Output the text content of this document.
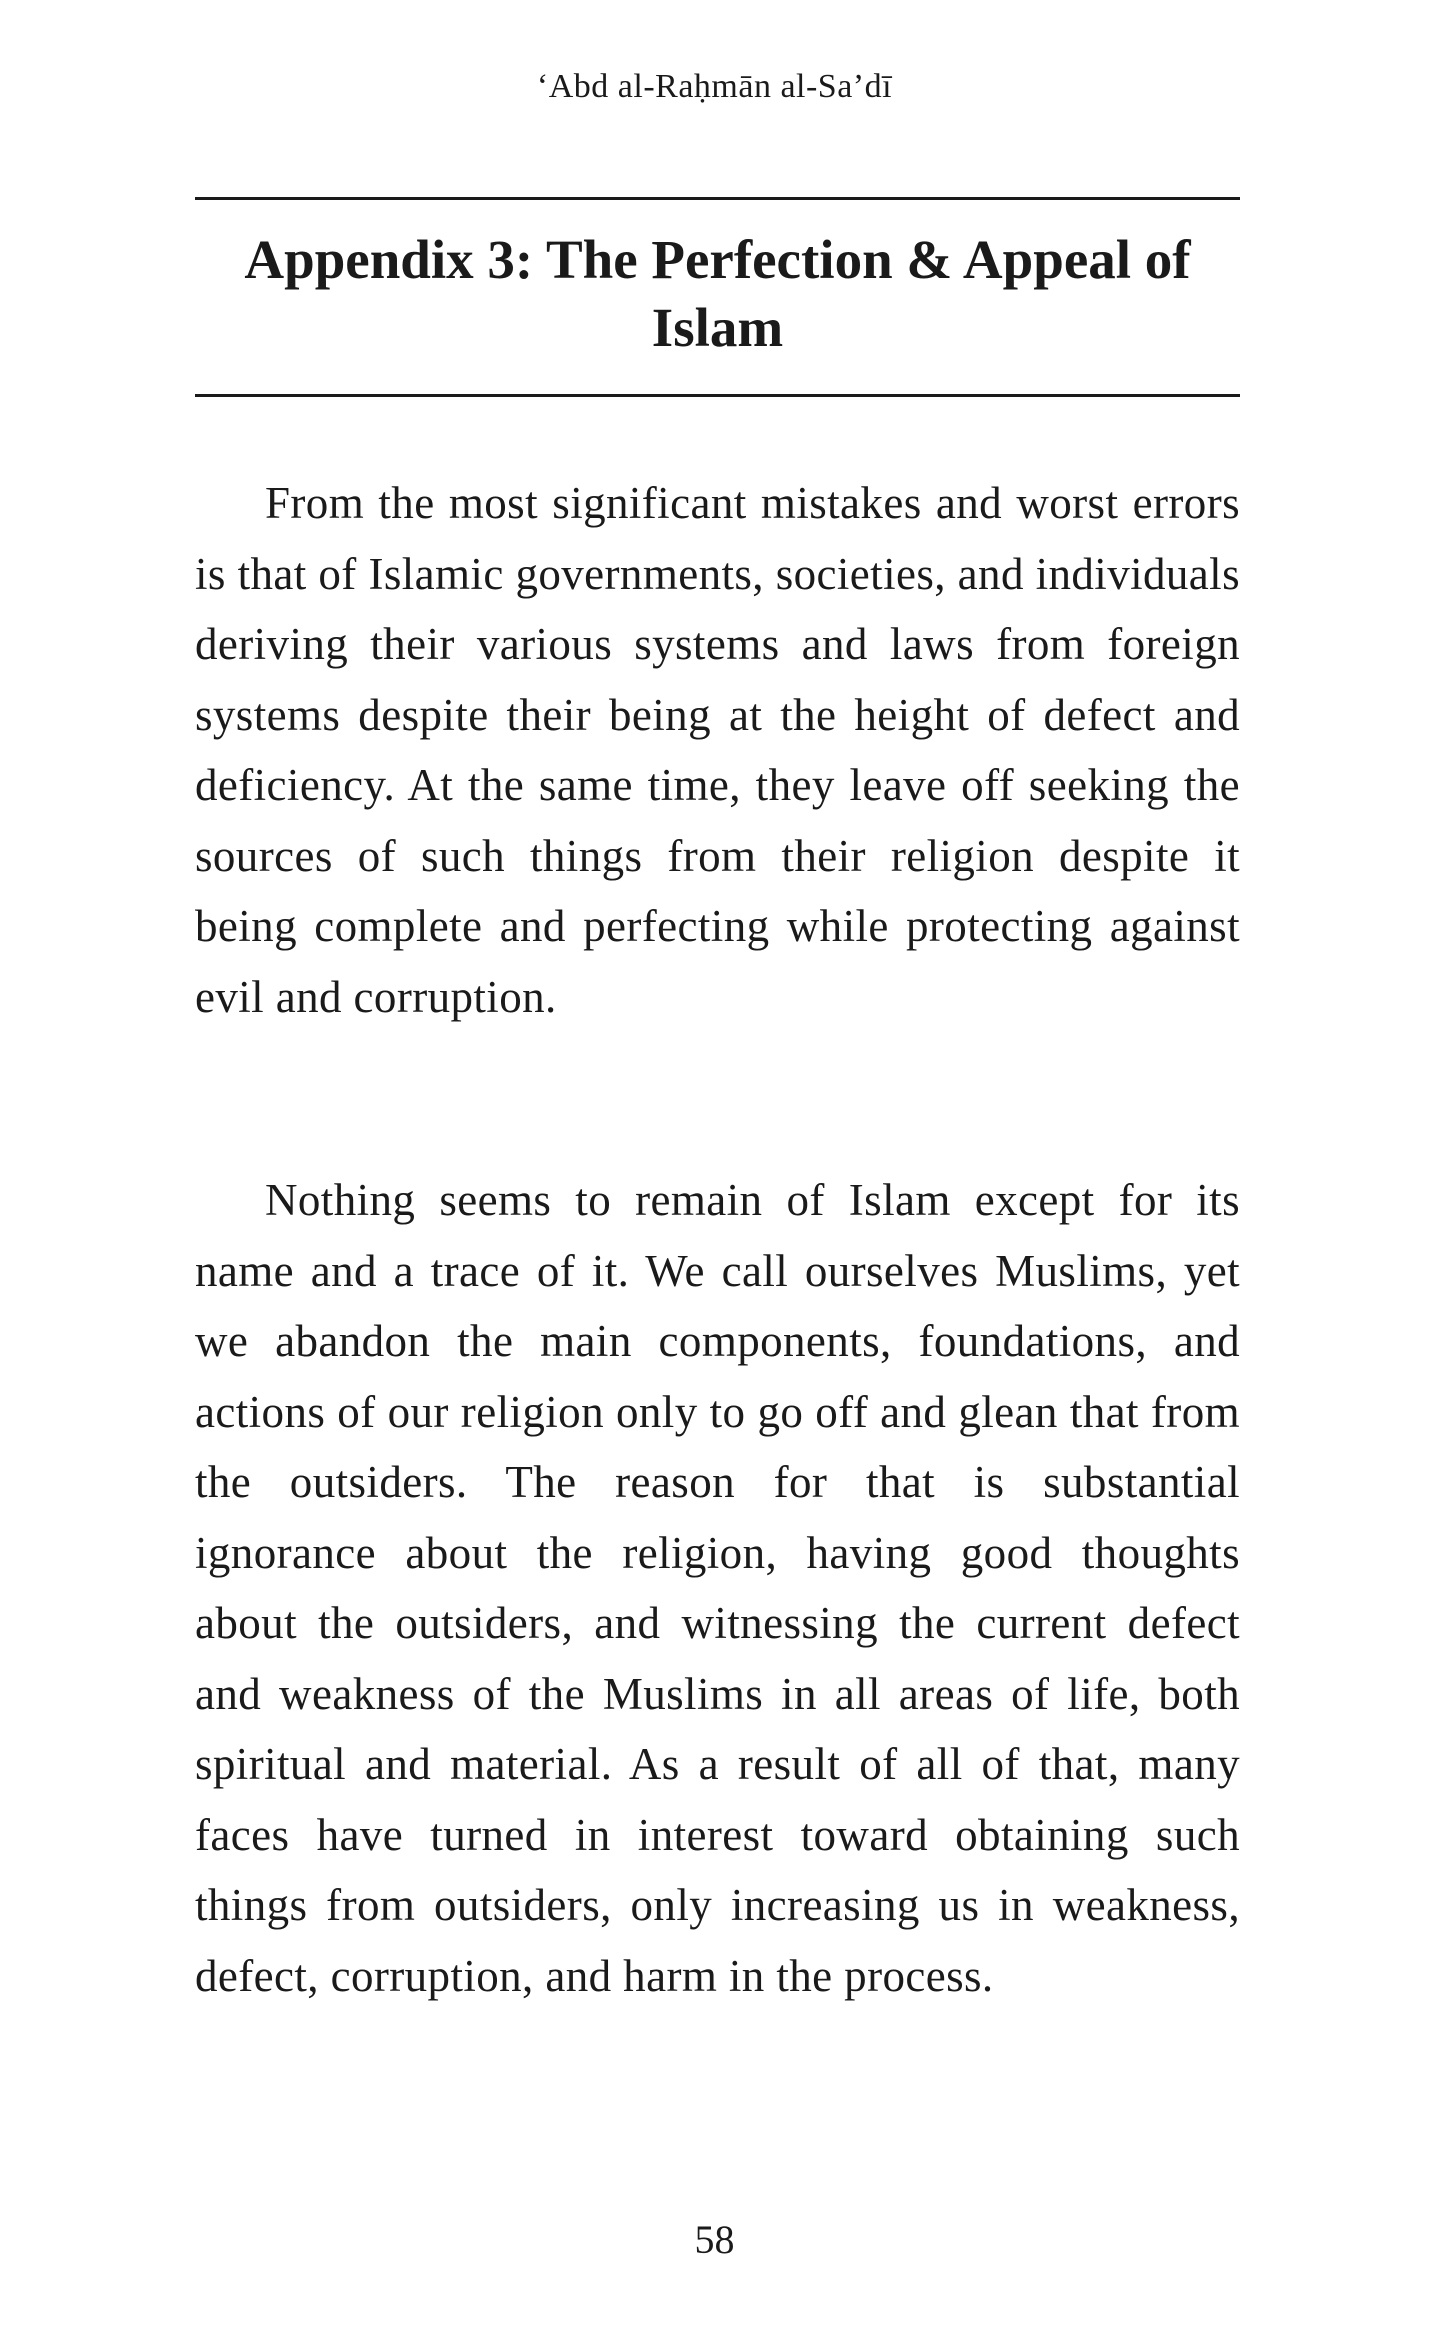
‘Abd al-Raḥmān al-Sa’dī
Appendix 3: The Perfection & Appeal of Islam

From the most significant mistakes and worst errors is that of Islamic governments, societies, and individuals deriving their various systems and laws from foreign systems despite their being at the height of defect and deficiency. At the same time, they leave off seeking the sources of such things from their religion despite it being complete and perfecting while protecting against evil and corruption.

Nothing seems to remain of Islam except for its name and a trace of it. We call ourselves Muslims, yet we abandon the main components, foundations, and actions of our religion only to go off and glean that from the outsiders. The reason for that is substantial ignorance about the religion, having good thoughts about the outsiders, and witnessing the current defect and weakness of the Muslims in all areas of life, both spiritual and material. As a result of all of that, many faces have turned in interest toward obtaining such things from outsiders, only increasing us in weakness, defect, corruption, and harm in the process.

58
